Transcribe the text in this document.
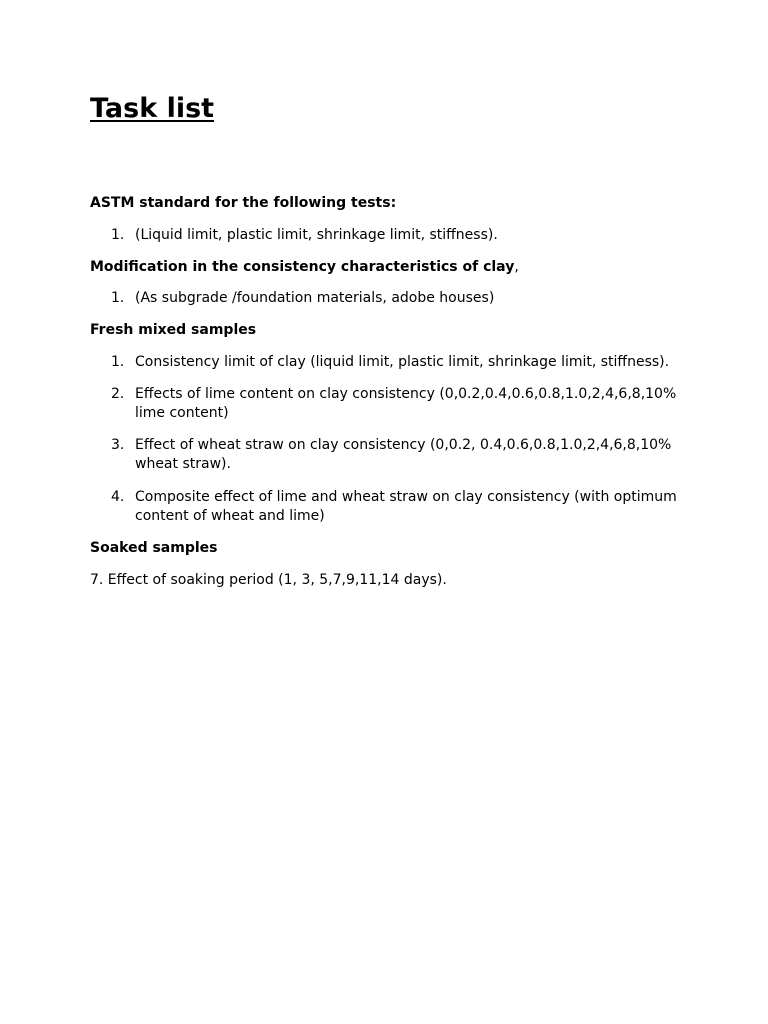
Task list
ASTM standard for the following tests:
1. (Liquid limit, plastic limit, shrinkage limit, stiffness).
Modification in the consistency characteristics of clay,
1. (As subgrade /foundation materials, adobe houses)
Fresh mixed samples
1. Consistency limit of clay (liquid limit, plastic limit, shrinkage limit, stiffness).
2. Effects of lime content on clay consistency (0,0.2,0.4,0.6,0.8,1.0,2,4,6,8,10% lime content)
3. Effect of wheat straw on clay consistency (0,0.2, 0.4,0.6,0.8,1.0,2,4,6,8,10% wheat straw).
4. Composite effect of lime and wheat straw on clay consistency (with optimum content of wheat and lime)
Soaked samples

7. Effect of soaking period (1, 3, 5,7,9,11,14 days).
